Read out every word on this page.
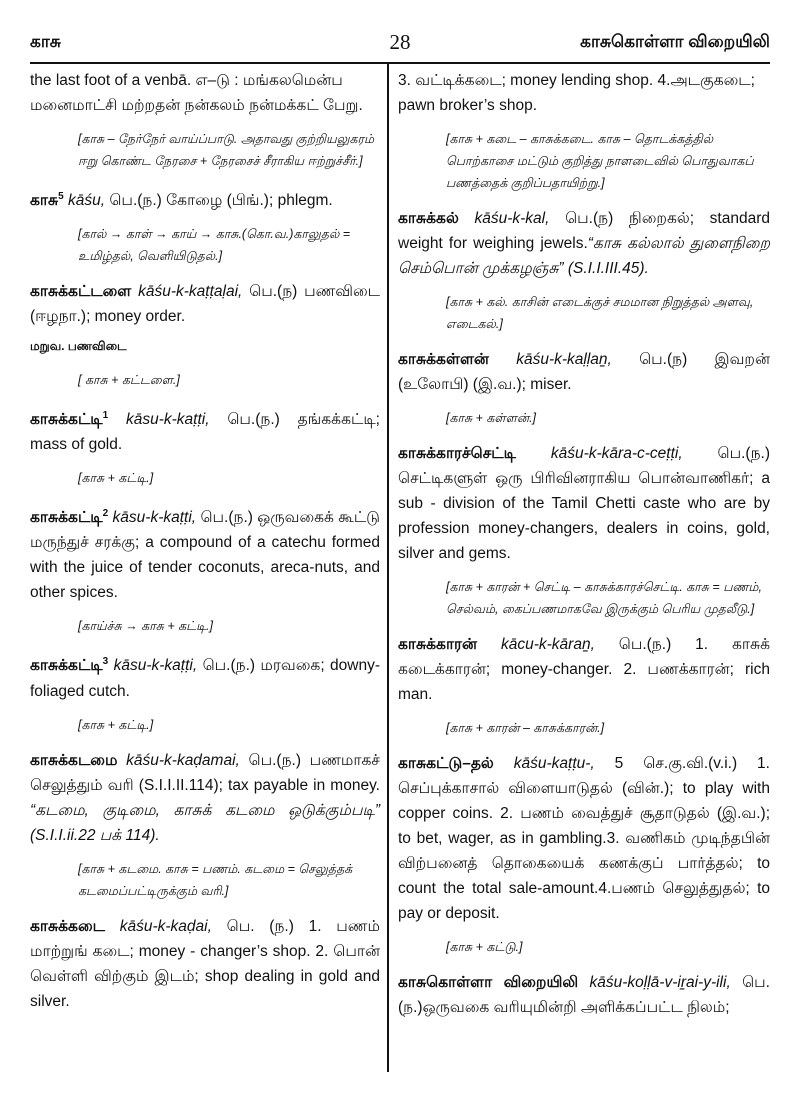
காசு	28	காசுகொள்ளா விறையிலி

the last foot of a venbā. எ–டு : மங்கலமென்ப மனைமாட்சி மற்றதன் நன்கலம் நன்மக்கட் பேறு.

[காசு – நேர்நேர் வாய்ப்பாடு. அதாவது குற்றியலுகரம் ஈறு கொண்ட நேரசை + நேரசைச் சீராகிய ஈற்றுச்சீர்.]

காசு$^5$ kāśu, பெ.(ந.) கோழை (பிங்.); phlegm.

[கால் → காள் → காய் → காசு.(கொ.வ.)காலுதல் = உமிழ்தல், வெளியிடுதல்.]

காசுக்கட்டளை kāśu-k-kaṭṭaḷai, பெ.(ந) பணவிடை (ஈழநா.); money order.

மறுவ. பணவிடை

[ காசு + கட்டளை.]

காசுக்கட்டி$^1$ kāsu-k-kaṭṭi, பெ.(ந.) தங்கக்கட்டி; mass of gold.

[காசு + கட்டி.]

காசுக்கட்டி$^2$ kāsu-k-kaṭṭi, பெ.(ந.) ஒருவகைக் கூட்டு மருந்துச் சரக்கு; a compound of a catechu formed with the juice of tender coconuts, areca-nuts, and other spices.

[காய்ச்சு → காசு + கட்டி.]

காசுக்கட்டி$^3$ kāsu-k-kaṭṭi, பெ.(ந.) மரவகை; downy-foliaged cutch.

[காசு + கட்டி.]

காசுக்கடமை kāśu-k-kaḍamai, பெ.(ந.) பணமாகச் செலுத்தும் வரி (S.I.I.II.114); tax payable in money. “கடமை, குடிமை, காசுக் கடமை ஒடுக்கும்படி” (S.I.I.ii.22 பக் 114).

[காசு + கடமை. காசு = பணம். கடமை = செலுத்தக் கடமைப்பட்டிருக்கும் வரி.]

காசுக்கடை kāśu-k-kaḍai, பெ. (ந.) 1. பணம் மாற்றுங் கடை; money - changer’s shop. 2. பொன் வெள்ளி விற்கும் இடம்; shop dealing in gold and silver.

3. வட்டிக்கடை; money lending shop. 4.அடகுகடை; pawn broker’s shop.

[காசு + கடை – காசுக்கடை. காசு – தொடக்கத்தில் பொற்காசை மட்டும் குறித்து நாளடைவில் பொதுவாகப் பணத்தைக் குறிப்பதாயிற்று.]

காசுக்கல் kāśu-k-kal, பெ.(ந) நிறைகல்; standard weight for weighing jewels.“காசு கல்லால் துளைநிறை செம்பொன் முக்கழஞ்சு” (S.I.I.III.45).

[காசு + கல். காசின் எடைக்குச் சமமான நிறுத்தல் அளவு, எடைகல்.]

காசுக்கள்ளன் kāśu-k-kaḷḷaṉ, பெ.(ந) இவறன் (உலோபி) (இ.வ.); miser.

[காசு + கள்ளன்.]

காசுக்காரச்செட்டி kāśu-k-kāra-c-ceṭṭi, பெ.(ந.) செட்டிகளுள் ஒரு பிரிவினராகிய பொன்வாணிகர்; a sub - division of the Tamil Chetti caste who are by profession money-changers, dealers in coins, gold, silver and gems.

[காசு + காரன் + செட்டி – காசுக்காரச்செட்டி. காசு = பணம், செல்வம், கைப்பணமாகவே இருக்கும் பெரிய முதலீடு.]

காசுக்காரன் kācu-k-kāraṉ, பெ.(ந.) 1. காசுக் கடைக்காரன்; money-changer. 2. பணக்காரன்; rich man.

[காசு + காரன் – காசுக்காரன்.]

காசுகட்டு–தல் kāśu-kaṭṭu-, 5 செ.கு.வி.(v.i.) 1. செப்புக்காசால் விளையாடுதல் (வின்.); to play with copper coins. 2. பணம் வைத்துச் சூதாடுதல் (இ.வ.); to bet, wager, as in gambling.3. வணிகம் முடிந்தபின் விற்பனைத் தொகையைக் கணக்குப் பார்த்தல்; to count the total sale-amount.4.பணம் செலுத்துதல்; to pay or deposit.

[காசு + கட்டு.]

காசுகொள்ளா விறையிலி kāśu-koḷḷā-v-iṟai-y-ili, பெ.(ந.)ஒருவகை வரியுமின்றி அளிக்கப்பட்ட நிலம்;
